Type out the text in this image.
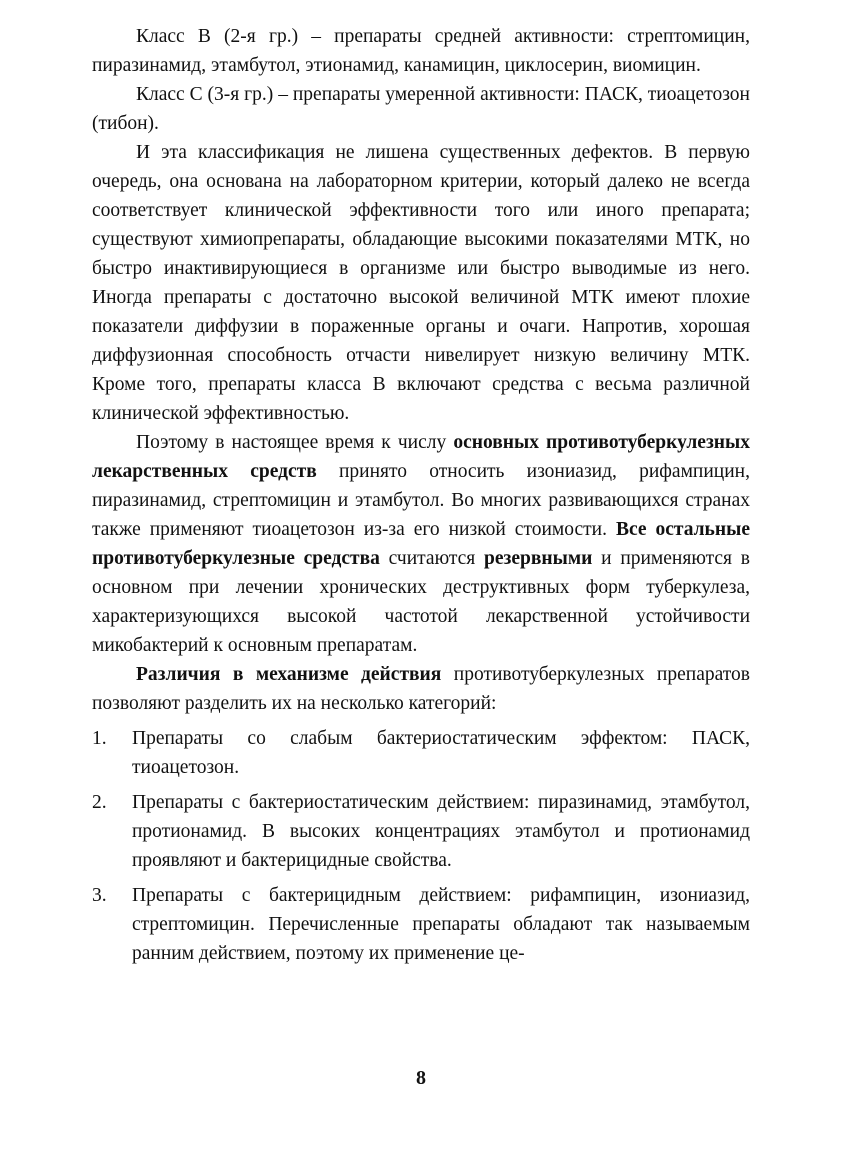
Класс B (2-я гр.) – препараты средней активности: стрептомицин, пиразинамид, этамбутол, этионамид, канамицин, циклосерин, виомицин.

Класс C (3-я гр.) – препараты умеренной активности: ПАСК, тиоацетозон (тибон).

И эта классификация не лишена существенных дефектов. В первую очередь, она основана на лабораторном критерии, который далеко не всегда соответствует клинической эффективности того или иного препарата; существуют химиопрепараты, обладающие высокими показателями МТК, но быстро инактивирующиеся в организме или быстро выводимые из него. Иногда препараты с достаточно высокой величиной МТК имеют плохие показатели диффузии в пораженные органы и очаги. Напротив, хорошая диффузионная способность отчасти нивелирует низкую величину МТК. Кроме того, препараты класса B включают средства с весьма различной клинической эффективностью.

Поэтому в настоящее время к числу основных противотуберкулезных лекарственных средств принято относить изониазид, рифампицин, пиразинамид, стрептомицин и этамбутол. Во многих развивающихся странах также применяют тиоацетозон из-за его низкой стоимости. Все остальные противотуберкулезные средства считаются резервными и применяются в основном при лечении хронических деструктивных форм туберкулеза, характеризующихся высокой частотой лекарственной устойчивости микобактерий к основным препаратам.

Различия в механизме действия противотуберкулезных препаратов позволяют разделить их на несколько категорий:

1.	Препараты со слабым бактериостатическим эффектом: ПАСК, тиоацетозон.
2.	Препараты с бактериостатическим действием: пиразинамид, этамбутол, протионамид. В высоких концентрациях этамбутол и протионамид проявляют и бактерицидные свойства.
3.	Препараты с бактерицидным действием: рифампицин, изониазид, стрептомицин. Перечисленные препараты обладают так называемым ранним действием, поэтому их применение це-
8
